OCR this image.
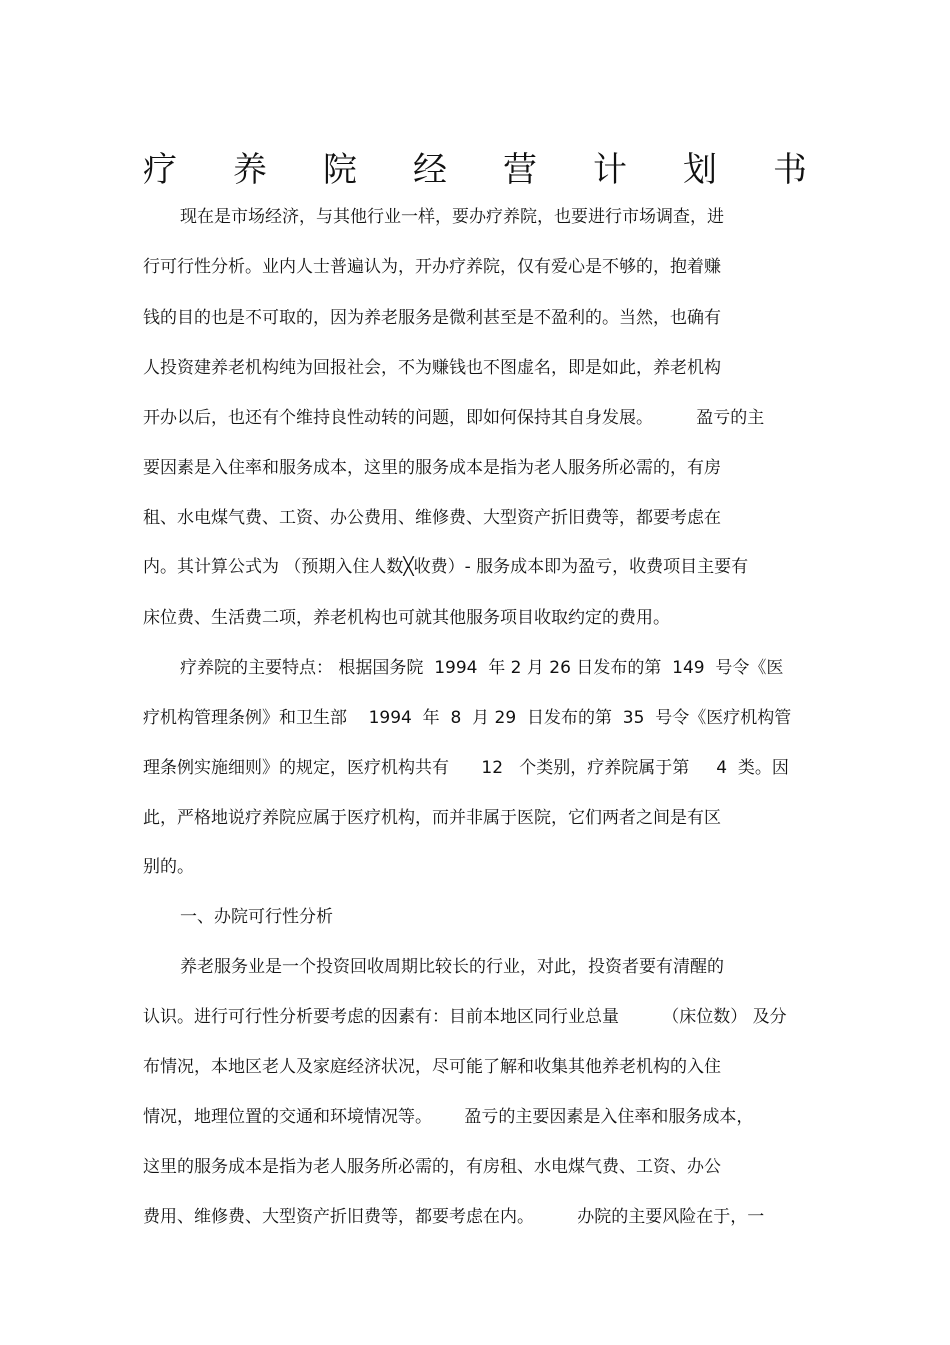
疗 养 院 经 营 计 划 书
现在是市场经济，与其他行业一样，要办疗养院，也要进行市场调查，进
行可行性分析。业内人士普遍认为，开办疗养院，仅有爱心是不够的，抱着赚
钱的目的也是不可取的，因为养老服务是微利甚至是不盈利的。当然，也确有
人投资建养老机构纯为回报社会，不为赚钱也不图虚名，即是如此，养老机构
开办以后，也还有个维持良性动转的问题，即如何保持其自身发展。        盈亏的主
要因素是入住率和服务成本，这里的服务成本是指为老人服务所必需的，有房
租、水电煤气费、工资、办公费用、维修费、大型资产折旧费等，都要考虑在
内。其计算公式为 （预期入住人数╳收费）- 服务成本即为盈亏，收费项目主要有
床位费、生活费二项，养老机构也可就其他服务项目收取约定的费用。
疗养院的主要特点： 根据国务院  1994  年 2 月 26 日发布的第  149  号令《医
疗机构管理条例》和卫生部    1994  年  8  月 29  日发布的第  35  号令《医疗机构管
理条例实施细则》的规定，医疗机构共有      12   个类别，疗养院属于第     4  类。因
此，严格地说疗养院应属于医疗机构，而并非属于医院，它们两者之间是有区
别的。
一、办院可行性分析
养老服务业是一个投资回收周期比较长的行业，对此，投资者要有清醒的
认识。进行可行性分析要考虑的因素有：目前本地区同行业总量        （床位数） 及分
布情况，本地区老人及家庭经济状况，尽可能了解和收集其他养老机构的入住
情况，地理位置的交通和环境情况等。      盈亏的主要因素是入住率和服务成本，
这里的服务成本是指为老人服务所必需的，有房租、水电煤气费、工资、办公
费用、维修费、大型资产折旧费等，都要考虑在内。        办院的主要风险在于，一
